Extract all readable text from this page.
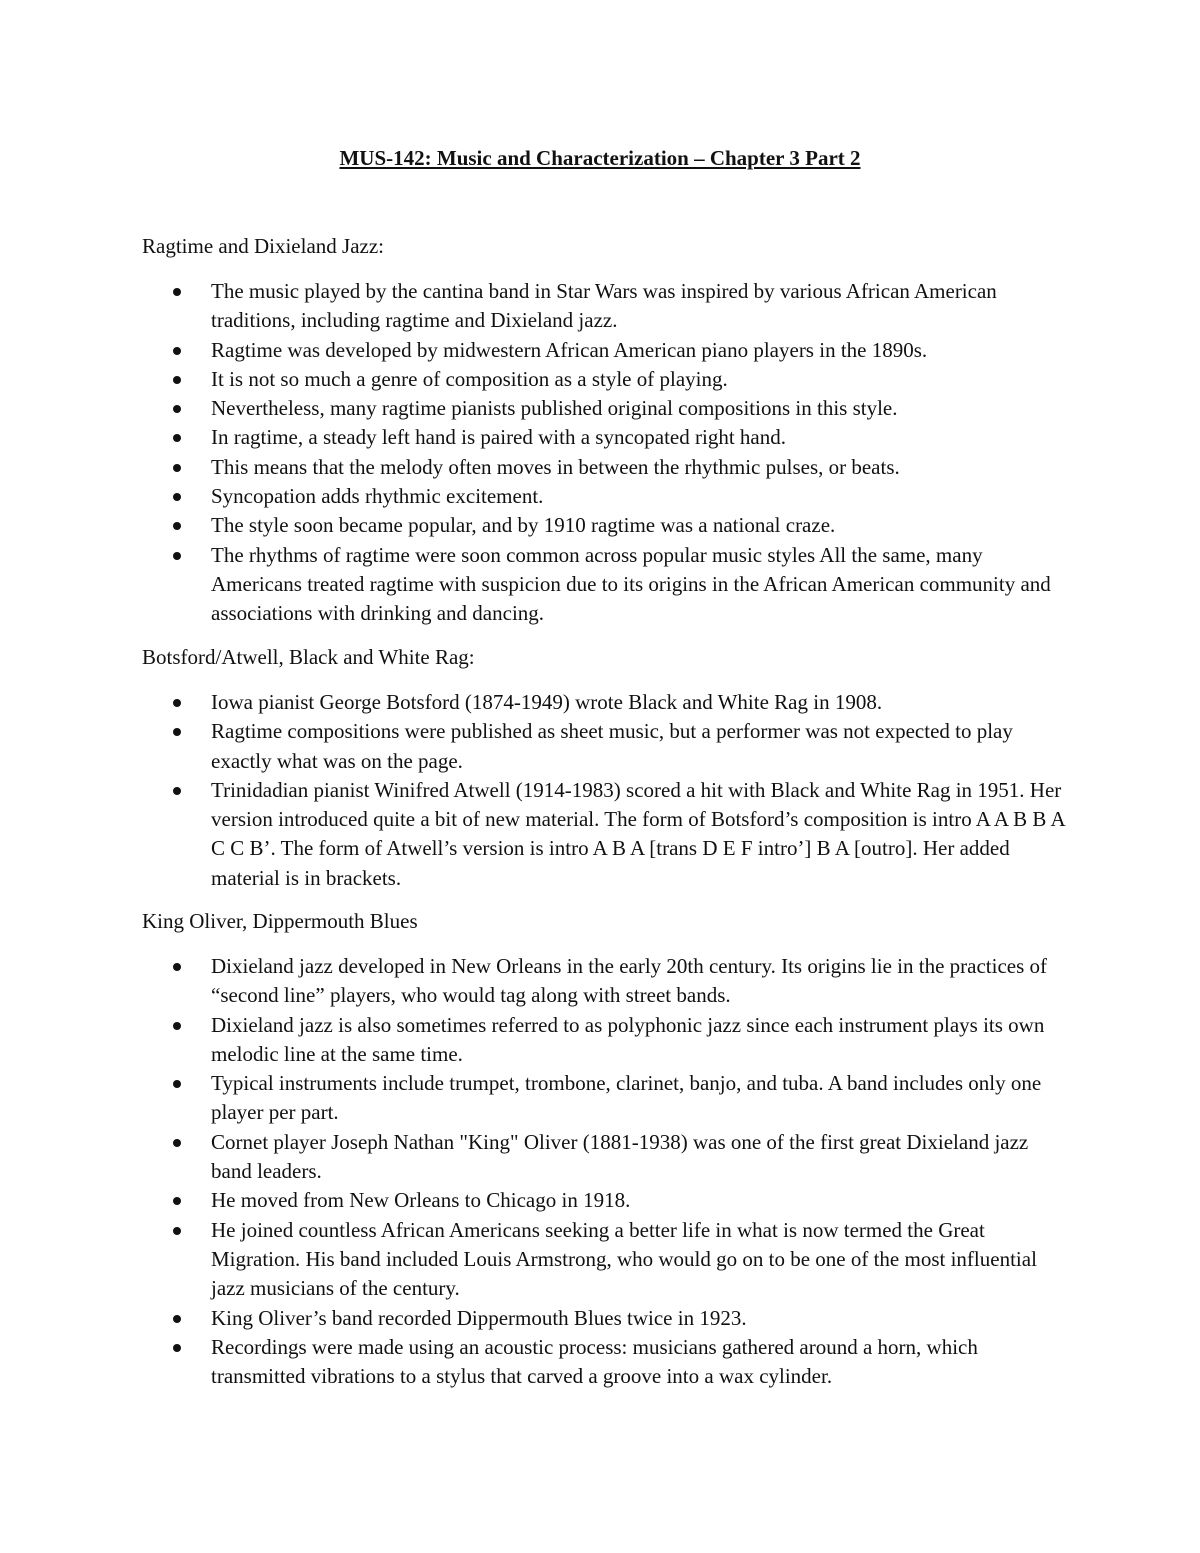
MUS-142: Music and Characterization – Chapter 3 Part 2
Ragtime and Dixieland Jazz:
The music played by the cantina band in Star Wars was inspired by various African American traditions, including ragtime and Dixieland jazz.
Ragtime was developed by midwestern African American piano players in the 1890s.
It is not so much a genre of composition as a style of playing.
Nevertheless, many ragtime pianists published original compositions in this style.
In ragtime, a steady left hand is paired with a syncopated right hand.
This means that the melody often moves in between the rhythmic pulses, or beats.
Syncopation adds rhythmic excitement.
The style soon became popular, and by 1910 ragtime was a national craze.
The rhythms of ragtime were soon common across popular music styles All the same, many Americans treated ragtime with suspicion due to its origins in the African American community and associations with drinking and dancing.
Botsford/Atwell, Black and White Rag:
Iowa pianist George Botsford (1874-1949) wrote Black and White Rag in 1908.
Ragtime compositions were published as sheet music, but a performer was not expected to play exactly what was on the page.
Trinidadian pianist Winifred Atwell (1914-1983) scored a hit with Black and White Rag in 1951. Her version introduced quite a bit of new material. The form of Botsford’s composition is intro A A B B A C C B’. The form of Atwell’s version is intro A B A [trans D E F intro’] B A [outro]. Her added material is in brackets.
King Oliver, Dippermouth Blues
Dixieland jazz developed in New Orleans in the early 20th century. Its origins lie in the practices of “second line” players, who would tag along with street bands.
Dixieland jazz is also sometimes referred to as polyphonic jazz since each instrument plays its own melodic line at the same time.
Typical instruments include trumpet, trombone, clarinet, banjo, and tuba. A band includes only one player per part.
Cornet player Joseph Nathan "King" Oliver (1881-1938) was one of the first great Dixieland jazz band leaders.
He moved from New Orleans to Chicago in 1918.
He joined countless African Americans seeking a better life in what is now termed the Great Migration. His band included Louis Armstrong, who would go on to be one of the most influential jazz musicians of the century.
King Oliver’s band recorded Dippermouth Blues twice in 1923.
Recordings were made using an acoustic process: musicians gathered around a horn, which transmitted vibrations to a stylus that carved a groove into a wax cylinder.
